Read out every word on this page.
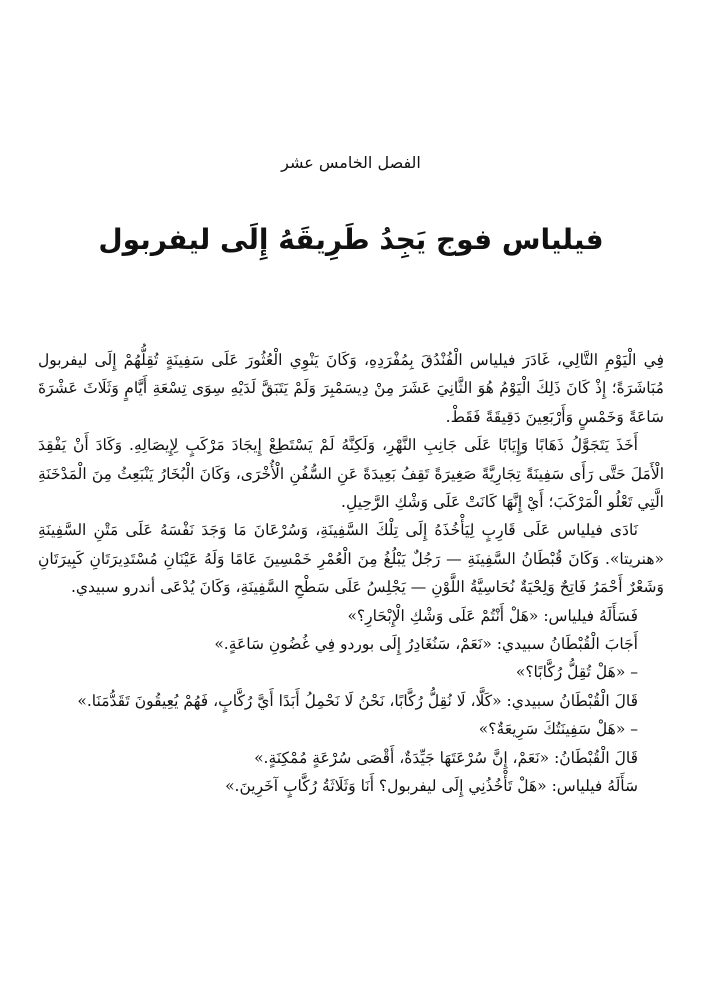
الفصل الخامس عشر
فيلياس فوج يَجِدُ طَرِيقَهُ إِلَى ليفربول

فِي الْيَوْمِ التَّالِي، غَادَرَ فيلياس الْفُنْدُقَ بِمُفْرَدِهِ، وَكَانَ يَنْوِي الْعُثُورَ عَلَى سَفِينَةٍ تُقِلُّهُمْ إِلَى ليفربول مُبَاشَرَةً؛ إِذْ كَانَ ذَلِكَ الْيَوْمُ هُوَ الثَّانِيَ عَشَرَ مِنْ دِيسَمْبِرَ وَلَمْ يَتَبَقَّ لَدَيْهِ سِوَى تِسْعَةِ أَيَّامٍ وَثَلَاثَ عَشْرَةَ سَاعَةً وَخَمْسٍ وَأَرْبَعِينَ دَقِيقَةً فَقَطْ.

أَخَذَ يَتَجَوَّلُ ذَهَابًا وَإِيَابًا عَلَى جَانِبِ النَّهْرِ، وَلَكِنَّهُ لَمْ يَسْتَطِعْ إِيجَادَ مَرْكَبٍ لِإِيصَالِهِ. وَكَادَ أَنْ يَفْقِدَ الْأَمَلَ حَتَّى رَأَى سَفِينَةً تِجَارِيَّةً صَغِيرَةً تَقِفُ بَعِيدَةً عَنِ السُّفُنِ الْأُخْرَى، وَكَانَ الْبُخَارُ يَنْبَعِثُ مِنَ الْمَدْخَنَةِ الَّتِي تَعْلُو الْمَرْكَبَ؛ أَيْ إِنَّهَا كَانَتْ عَلَى وَشْكِ الرَّحِيلِ.

نَادَى فيلياس عَلَى قَارِبٍ لِيَأْخُذَهُ إِلَى تِلْكَ السَّفِينَةِ، وَسُرْعَانَ مَا وَجَدَ نَفْسَهُ عَلَى مَتْنِ السَّفِينَةِ «هنريتا». وَكَانَ قُبْطَانُ السَّفِينَةِ — رَجُلٌ يَبْلُغُ مِنَ الْعُمْرِ خَمْسِينَ عَامًا وَلَهُ عَيْنَانِ مُسْتَدِيرَتَانِ كَبِيرَتَانِ وَشَعْرٌ أَحْمَرُ فَاتِحٌ وَلِحْيَةٌ نُحَاسِيَّةُ اللَّوْنِ — يَجْلِسُ عَلَى سَطْحِ السَّفِينَةِ، وَكَانَ يُدْعَى أندرو سبيدي.

فَسَأَلَهُ فيلياس: «هَلْ أَنْتُمْ عَلَى وَشْكِ الْإِبْحَارِ؟»

أَجَابَ الْقُبْطَانُ سبيدي: «نَعَمْ، سَنُغَادِرُ إِلَى بوردو فِي غُضُونِ سَاعَةٍ.»

– «هَلْ تُقِلُّ رُكَّابًا؟»

قَالَ الْقُبْطَانُ سبيدي: «كَلَّا، لَا نُقِلُّ رُكَّابًا، نَحْنُ لَا نَحْمِلُ أَبَدًا أَيَّ رُكَّابٍ، فَهُمْ يُعِيقُونَ تَقَدُّمَنَا.»

– «هَلْ سَفِينَتُكَ سَرِيعَةٌ؟»

قَالَ الْقُبْطَانُ: «نَعَمْ، إِنَّ سُرْعَتَهَا جَيِّدَةٌ، أَقْصَى سُرْعَةٍ مُمْكِنَةٍ.»

سَأَلَهُ فيلياس: «هَلْ تَأْخُذُنِي إِلَى ليفربول؟ أَنَا وَثَلَاثَةُ رُكَّابٍ آخَرِينَ.»
